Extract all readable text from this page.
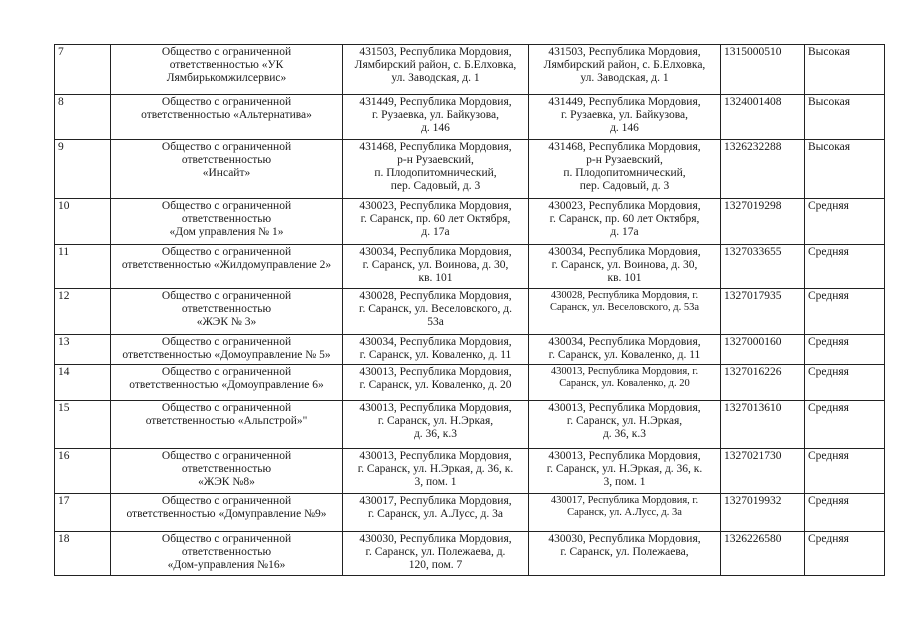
7	Общество с ограниченной
ответственностью «УК
Лямбирькомжилсервис»	431503, Республика Мордовия,
Лямбирский район, с. Б.Елховка,
ул. Заводская, д. 1	431503, Республика Мордовия,
Лямбирский район, с. Б.Елховка,
ул. Заводская, д. 1	1315000510	Высокая
8	Общество с ограниченной
ответственностью «Альтернатива»	431449, Республика Мордовия,
г. Рузаевка, ул. Байкузова,
д. 146	431449, Республика Мордовия,
г. Рузаевка, ул. Байкузова,
д. 146	1324001408	Высокая
9	Общество с ограниченной
ответственностью
«Инсайт»	431468, Республика Мордовия,
р-н Рузаевский,
п. Плодопитомнический,
пер. Садовый, д. 3	431468, Республика Мордовия,
р-н Рузаевский,
п. Плодопитомнический,
пер. Садовый, д. 3	1326232288	Высокая
10	Общество с ограниченной
ответственностью
«Дом управления № 1»	430023, Республика Мордовия,
г. Саранск, пр. 60 лет Октября,
д. 17а	430023, Республика Мордовия,
г. Саранск, пр. 60 лет Октября,
д. 17а	1327019298	Средняя
11	Общество с ограниченной
ответственностью «Жилдомуправление 2»	430034, Республика Мордовия,
г. Саранск, ул. Воинова, д. 30,
кв. 101	430034, Республика Мордовия,
г. Саранск, ул. Воинова, д. 30,
кв. 101	1327033655	Средняя
12	Общество с ограниченной
ответственностью
«ЖЭК № 3»	430028, Республика Мордовия,
г. Саранск, ул. Веселовского, д.
53а	430028, Республика Мордовия, г.
Саранск, ул. Веселовского, д. 53а	1327017935	Средняя
13	Общество с ограниченной
ответственностью «Домоуправление № 5»	430034, Республика Мордовия,
г. Саранск, ул. Коваленко, д. 11	430034, Республика Мордовия,
г. Саранск, ул. Коваленко, д. 11	1327000160	Средняя
14	Общество с ограниченной
ответственностью «Домоуправление 6»	430013, Республика Мордовия,
г. Саранск, ул. Коваленко, д. 20	430013, Республика Мордовия, г.
Саранск, ул. Коваленко, д. 20	1327016226	Средняя
15	Общество с ограниченной
ответственностью «Альпстрой»"	430013, Республика Мордовия,
г. Саранск, ул. Н.Эркая,
д. 36, к.3	430013, Республика Мордовия,
г. Саранск, ул. Н.Эркая,
д. 36, к.3	1327013610	Средняя
16	Общество с ограниченной
ответственностью
«ЖЭК №8»	430013, Республика Мордовия,
г. Саранск, ул. Н.Эркая, д. 36, к.
3, пом. 1	430013, Республика Мордовия,
г. Саранск, ул. Н.Эркая, д. 36, к.
3, пом. 1	1327021730	Средняя
17	Общество с ограниченной
ответственностью «Домуправление №9»	430017, Республика Мордовия,
г. Саранск, ул. А.Лусс, д. 3а	430017, Республика Мордовия, г.
Саранск, ул. А.Лусс, д. 3а	1327019932	Средняя
18	Общество с ограниченной
ответственностью
«Дом-управления №16»	430030, Республика Мордовия,
г. Саранск, ул. Полежаева, д.
120, пом. 7	430030, Республика Мордовия,
г. Саранск, ул. Полежаева,	1326226580	Средняя
